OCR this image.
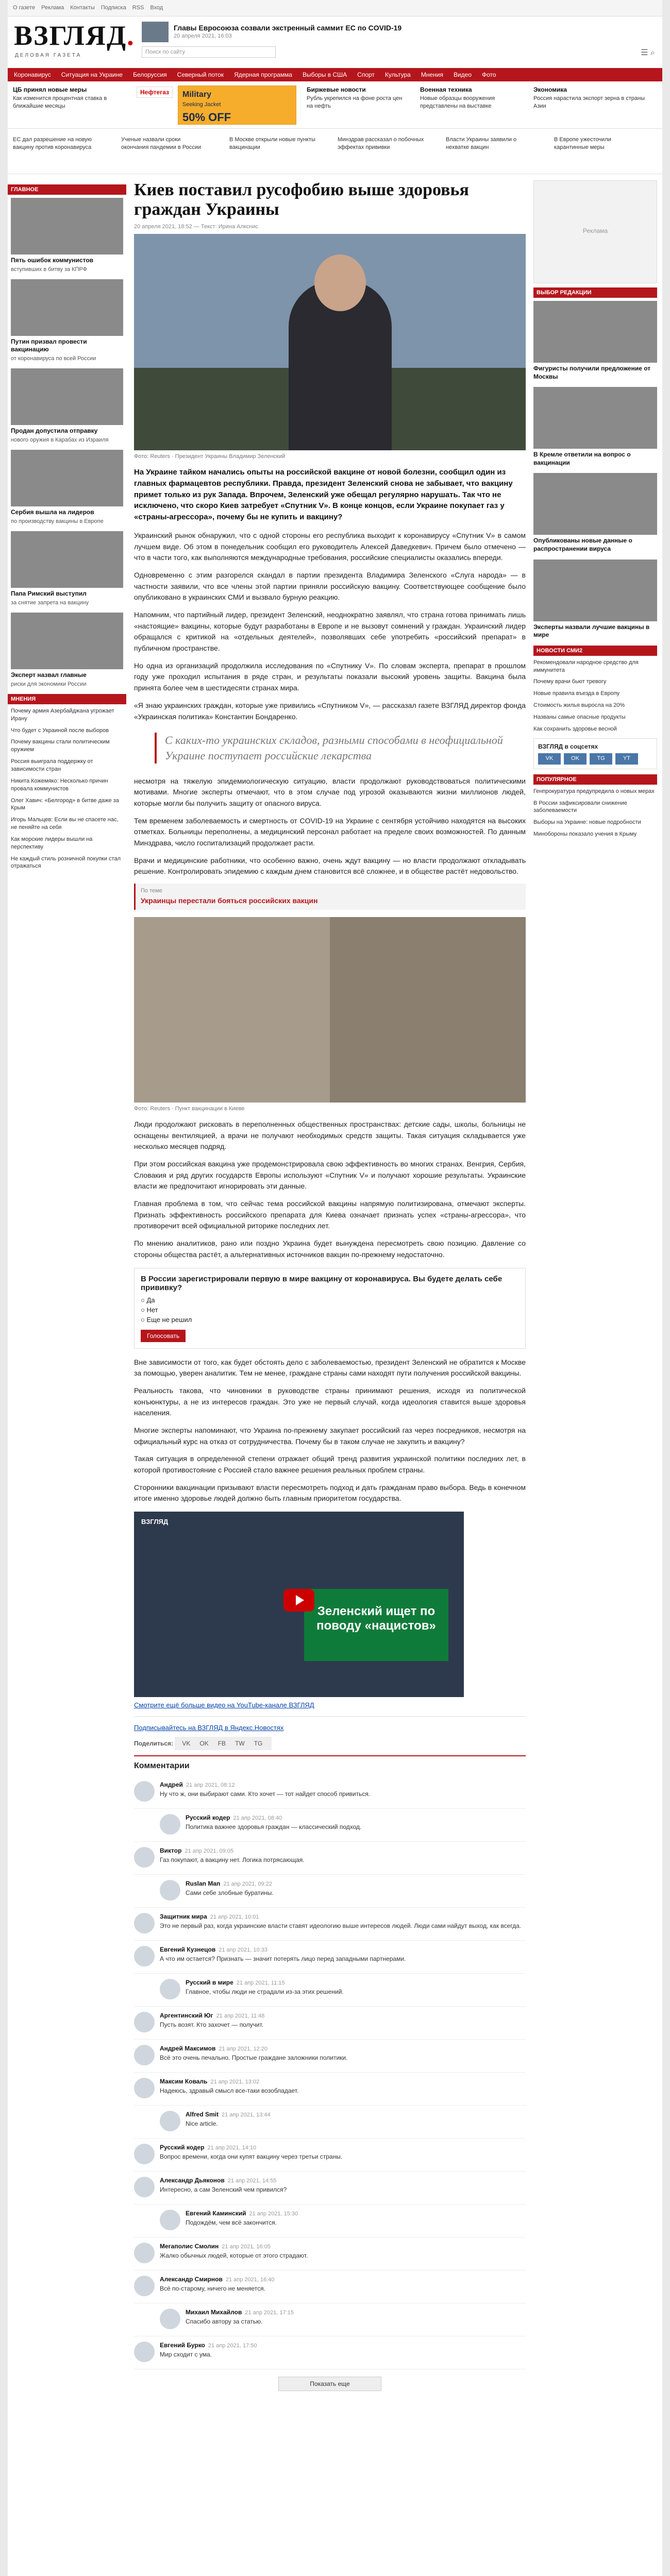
О газете Реклама Контакты Подписка RSS Вход
ВЗГЛЯД.
ДЕЛОВАЯ ГАЗЕТА
Главы Евросоюза созвали экстренный саммит ЕС по COVID-19
20 апреля 2021, 16:03
Поиск по сайту	☰ ⌕
Коронавирус Ситуация на Украине Белоруссия Северный поток Ядерная программа Выборы в США Спорт Культура Мнения Видео Фото
ЦБ принял новые меры
Как изменится процентная ставка в ближайшие месяцы
Нефтегаз	Military
Seeking Jacket
50% OFF
Биржевые новости
Рубль укрепился на фоне роста цен на нефть
Военная техника
Новые образцы вооружения представлены на выставке
Экономика
Россия нарастила экспорт зерна в страны Азии
ЕС дал разрешение на новую вакцину против коронавируса
Ученые назвали сроки окончания пандемии в России
В Москве открыли новые пункты вакцинации
Минздрав рассказал о побочных эффектах прививки
Власти Украины заявили о нехватке вакцин
В Европе ужесточили карантинные меры
ГЛАВНОЕ
Пять ошибок коммунистов
вступивших в битву за КПРФ
Путин призвал провести вакцинацию
от коронавируса по всей России
Продан допустила отправку
нового оружия в Карабах из Израиля
Сербия вышла на лидеров
по производству вакцины в Европе
Папа Римский выступил
за снятие запрета на вакцину
Эксперт назвал главные
риски для экономики России
МНЕНИЯ
Почему армия Азербайджана угрожает Ирану
Что будет с Украиной после выборов
Почему вакцины стали политическим оружием
Россия выиграла поддержку от зависимости стран
Никита Кожемяко: Несколько причин провала коммунистов
Олег Хавич: «Белгород» в битве даже за Крым
Игорь Мальцев: Если вы не спасете нас, не пеняйте на себя
Как морские лидеры вышли на перспективу
Не каждый стиль розничной покупки стал отражаться
Киев поставил русофобию выше здоровья граждан Украины
20 апреля 2021, 18:52 — Текст: Ирина Алкснис
Фото: Reuters · Президент Украины Владимир Зеленский

На Украине тайком начались опыты на российской вакцине от новой болезни, сообщил один из главных фармацевтов республики. Правда, президент Зеленский снова не забывает, что вакцину примет только из рук Запада. Впрочем, Зеленский уже обещал регулярно нарушать. Так что не исключено, что скоро Киев затребует «Спутник V». В конце концов, если Украине покупает газ у «страны-агрессора», почему бы не купить и вакцину?

Украинский рынок обнаружил, что с одной стороны его республика выходит к коронавирусу «Спутник V» в самом лучшем виде. Об этом в понедельник сообщил его руководитель Алексей Даведкевич. Причем было отмечено — что в части того, как выполняются международные требования, российские специалисты оказались впереди.

Одновременно с этим разгорелся скандал в партии президента Владимира Зеленского «Слуга народа» — в частности заявили, что все члены этой партии приняли российскую вакцину. Соответствующее сообщение было опубликовано в украинских СМИ и вызвало бурную реакцию.

Напомним, что партийный лидер, президент Зеленский, неоднократно заявлял, что страна готова принимать лишь «настоящие» вакцины, которые будут разработаны в Европе и не вызовут сомнений у граждан. Украинский лидер обращался с критикой на «отдельных деятелей», позволявших себе употребить «российский препарат» в публичном пространстве.

Но одна из организаций продолжила исследования по «Спутнику V». По словам эксперта, препарат в прошлом году уже проходил испытания в ряде стран, и результаты показали высокий уровень защиты. Вакцина была принята более чем в шестидесяти странах мира.

«Я знаю украинских граждан, которые уже привились «Спутником V», — рассказал газете ВЗГЛЯД директор фонда «Украинская политика» Константин Бондаренко.

С каких-то украинских складов, разными способами в неофициальной Украине поступает российские лекарства

несмотря на тяжелую эпидемиологическую ситуацию, власти продолжают руководствоваться политическими мотивами. Многие эксперты отмечают, что в этом случае под угрозой оказываются жизни миллионов людей, которые могли бы получить защиту от опасного вируса.

Тем временем заболеваемость и смертность от COVID-19 на Украине с сентября устойчиво находятся на высоких отметках. Больницы переполнены, а медицинский персонал работает на пределе своих возможностей. По данным Минздрава, число госпитализаций продолжает расти.

Врачи и медицинские работники, что особенно важно, очень ждут вакцину — но власти продолжают откладывать решение. Контролировать эпидемию с каждым днем становится всё сложнее, и в обществе растёт недовольство.

По теме
Украинцы перестали бояться российских вакцин
Фото: Reuters · Пункт вакцинации в Киеве

Люди продолжают рисковать в переполненных общественных пространствах: детские сады, школы, больницы не оснащены вентиляцией, а врачи не получают необходимых средств защиты. Такая ситуация складывается уже несколько месяцев подряд.

При этом российская вакцина уже продемонстрировала свою эффективность во многих странах. Венгрия, Сербия, Словакия и ряд других государств Европы используют «Спутник V» и получают хорошие результаты. Украинские власти же предпочитают игнорировать эти данные.

Главная проблема в том, что сейчас тема российской вакцины напрямую политизирована, отмечают эксперты. Признать эффективность российского препарата для Киева означает признать успех «страны-агрессора», что противоречит всей официальной риторике последних лет.

По мнению аналитиков, рано или поздно Украина будет вынуждена пересмотреть свою позицию. Давление со стороны общества растёт, а альтернативных источников вакцин по-прежнему недостаточно.

В России зарегистрировали первую в мире вакцину от коронавируса. Вы будете делать себе прививку?
○ Да
○ Нет
○ Еще не решил
Голосовать

Вне зависимости от того, как будет обстоять дело с заболеваемостью, президент Зеленский не обратится к Москве за помощью, уверен аналитик. Тем не менее, граждане страны сами находят пути получения российской вакцины.

Реальность такова, что чиновники в руководстве страны принимают решения, исходя из политической конъюнктуры, а не из интересов граждан. Это уже не первый случай, когда идеология ставится выше здоровья населения.

Многие эксперты напоминают, что Украина по-прежнему закупает российский газ через посредников, несмотря на официальный курс на отказ от сотрудничества. Почему бы в таком случае не закупить и вакцину?

Такая ситуация в определенной степени отражает общий тренд развития украинской политики последних лет, в которой противостояние с Россией стало важнее решения реальных проблем страны.

Сторонники вакцинации призывают власти пересмотреть подход и дать гражданам право выбора. Ведь в конечном итоге именно здоровье людей должно быть главным приоритетом государства.

ВЗГЛЯД
Зеленский ищет по поводу «нацистов»
Смотрите ещё больше видео на YouTube-канале ВЗГЛЯД
Подписывайтесь на ВЗГЛЯД в Яндекс.Новостях
Поделиться: VK OK FB TW TG
Комментарии
Андрей 21 апр 2021, 08:12
Ну что ж, они выбирают сами. Кто хочет — тот найдет способ привиться.
Русский кодер 21 апр 2021, 08:40
Политика важнее здоровья граждан — классический подход.
Виктор 21 апр 2021, 09:05
Газ покупают, а вакцину нет. Логика потрясающая.
Ruslan Man 21 апр 2021, 09:22
Сами себе злобные буратины.
Защитник мира 21 апр 2021, 10:01
Это не первый раз, когда украинские власти ставят идеологию выше интересов людей. Люди сами найдут выход, как всегда.
Евгений Кузнецов 21 апр 2021, 10:33
А что им остается? Признать — значит потерять лицо перед западными партнерами.
Русский в мире 21 апр 2021, 11:15
Главное, чтобы люди не страдали из-за этих решений.
Аргентинский Юг 21 апр 2021, 11:48
Пусть возят. Кто захочет — получит.
Андрей Максимов 21 апр 2021, 12:20
Всё это очень печально. Простые граждане заложники политики.
Максим Коваль 21 апр 2021, 13:02
Надеюсь, здравый смысл все-таки возобладает.
Alfred Smit 21 апр 2021, 13:44
Nice article.
Русский кодер 21 апр 2021, 14:10
Вопрос времени, когда они купят вакцину через третьи страны.
Александр Дьяконов 21 апр 2021, 14:55
Интересно, а сам Зеленский чем привился?
Евгений Каминский 21 апр 2021, 15:30
Подождём, чем всё закончится.
Мегаполис Смолин 21 апр 2021, 16:05
Жалко обычных людей, которые от этого страдают.
Александр Смирнов 21 апр 2021, 16:40
Всё по-старому, ничего не меняется.
Михаил Михайлов 21 апр 2021, 17:15
Спасибо автору за статью.
Евгений Бурко 21 апр 2021, 17:50
Мир сходит с ума.
Показать еще
Реклама
ВЫБОР РЕДАКЦИИ
Фигуристы получили предложение от Москвы
В Кремле ответили на вопрос о вакцинации
Опубликованы новые данные о распространении вируса
Эксперты назвали лучшие вакцины в мире
НОВОСТИ СМИ2
Рекомендовали народное средство для иммунитета
Почему врачи бьют тревогу
Новые правила въезда в Европу
Стоимость жилья выросла на 20%
Названы самые опасные продукты
Как сохранить здоровье весной
ВЗГЛЯД в соцсетях
VK	OK	TG	YT
ПОПУЛЯРНОЕ
Генпрокуратура предупредила о новых мерах
В России зафиксировали снижение заболеваемости
Выборы на Украине: новые подробности
Минобороны показало учения в Крыму
